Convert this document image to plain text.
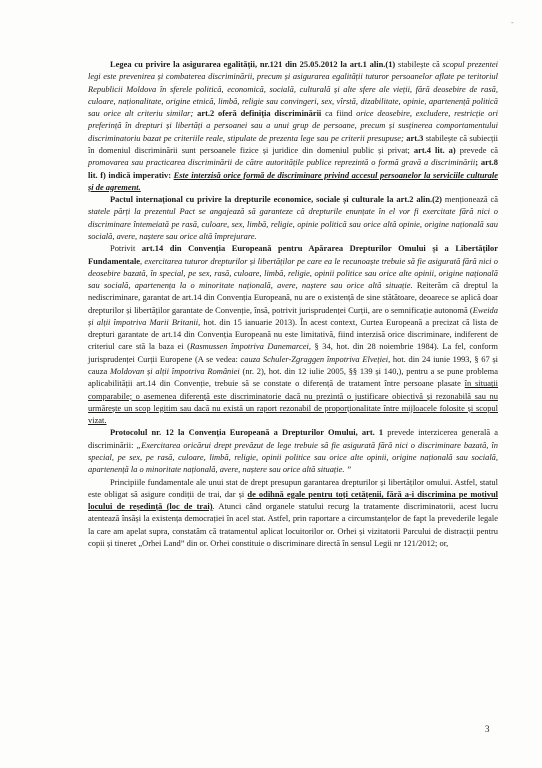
-

Legea cu privire la asigurarea egalității, nr.121 din 25.05.2012 la art.1 alin.(1) stabilește că scopul prezentei legi este prevenirea și combaterea discriminării, precum și asigurarea egalității tuturor persoanelor aflate pe teritoriul Republicii Moldova în sferele politică, economică, socială, culturală și alte sfere ale vieții, fără deosebire de rasă, culoare, naționalitate, origine etnică, limbă, religie sau convingeri, sex, vîrstă, dizabilitate, opinie, apartenență politică sau orice alt criteriu similar; art.2 oferă definiția discriminării ca fiind orice deosebire, excludere, restricție ori preferință în drepturi și libertăți a persoanei sau a unui grup de persoane, precum și susținerea comportamentului discriminatoriu bazat pe criteriile reale, stipulate de prezenta lege sau pe criterii presupuse; art.3 stabilește că subiecții în domeniul discriminării sunt persoanele fizice și juridice din domeniul public și privat; art.4 lit. a) prevede că promovarea sau practicarea discriminării de către autoritățile publice reprezintă o formă gravă a discriminării; art.8 lit. f) indică imperativ: Este interzisă orice formă de discriminare privind accesul persoanelor la serviciile culturale și de agrement.

Pactul internațional cu privire la drepturile economice, sociale și culturale la art.2 alin.(2) menționează că statele părți la prezentul Pact se angajează să garanteze că drepturile enunțate în el vor fi exercitate fără nici o discriminare întemeiată pe rasă, culoare, sex, limbă, religie, opinie politică sau orice altă opinie, origine națională sau socială, avere, naștere sau orice altă împrejurare.

Potrivit art.14 din Convenția Europeană pentru Apărarea Drepturilor Omului și a Libertăților Fundamentale, exercitarea tuturor drepturilor și libertăților pe care ea le recunoaște trebuie să fie asigurată fără nici o deosebire bazată, în special, pe sex, rasă, culoare, limbă, religie, opinii politice sau orice alte opinii, origine națională sau socială, apartenența la o minoritate națională, avere, naștere sau orice altă situație. Reiterăm că dreptul la nediscriminare, garantat de art.14 din Convenția Europeană, nu are o existență de sine stătătoare, deoarece se aplică doar drepturilor și libertăților garantate de Convenție, însă, potrivit jurisprudenței Curții, are o semnificație autonomă (Eweida și alții împotriva Marii Britanii, hot. din 15 ianuarie 2013). În acest context, Curtea Europeană a precizat că lista de drepturi garantate de art.14 din Convenția Europeană nu este limitativă, fiind interzisă orice discriminare, indiferent de criteriul care stă la baza ei (Rasmussen împotriva Danemarcei, § 34, hot. din 28 noiembrie 1984). La fel, conform jurisprudenței Curții Europene (A se vedea: cauza Schuler-Zgraggen împotriva Elveției, hot. din 24 iunie 1993, § 67 și cauza Moldovan și alții împotriva României (nr. 2), hot. din 12 iulie 2005, §§ 139 și 140,), pentru a se pune problema aplicabilității art.14 din Convenție, trebuie să se constate o diferență de tratament între persoane plasate în situații comparabile; o asemenea diferență este discriminatorie dacă nu prezintă o justificare obiectivă și rezonabilă sau nu urmărește un scop legitim sau dacă nu există un raport rezonabil de proporționalitate între mijloacele folosite și scopul vizat.

Protocolul nr. 12 la Convenția Europeană a Drepturilor Omului, art. 1 prevede interzicerea generală a discriminării: „Exercitarea oricărui drept prevăzut de lege trebuie să fie asigurată fără nici o discriminare bazată, în special, pe sex, pe rasă, culoare, limbă, religie, opinii politice sau orice alte opinii, origine națională sau socială, apartenență la o minoritate națională, avere, naștere sau orice altă situație. ”

Principiile fundamentale ale unui stat de drept presupun garantarea drepturilor și libertăților omului. Astfel, statul este obligat să asigure condiții de trai, dar și de odihnă egale pentru toți cetățenii, fără a-i discrimina pe motivul locului de reședință (loc de trai). Atunci când organele statului recurg la tratamente discriminatorii, acest lucru atentează însăși la existența democrației în acel stat. Astfel, prin raportare a circumstanțelor de fapt la prevederile legale la care am apelat supra, constatăm că tratamentul aplicat locuitorilor or. Orhei și vizitatorii Parcului de distracții pentru copii și tineret „Orhei Land” din or. Orhei constituie o discriminare directă în sensul Legii nr 121/2012; or,

3
